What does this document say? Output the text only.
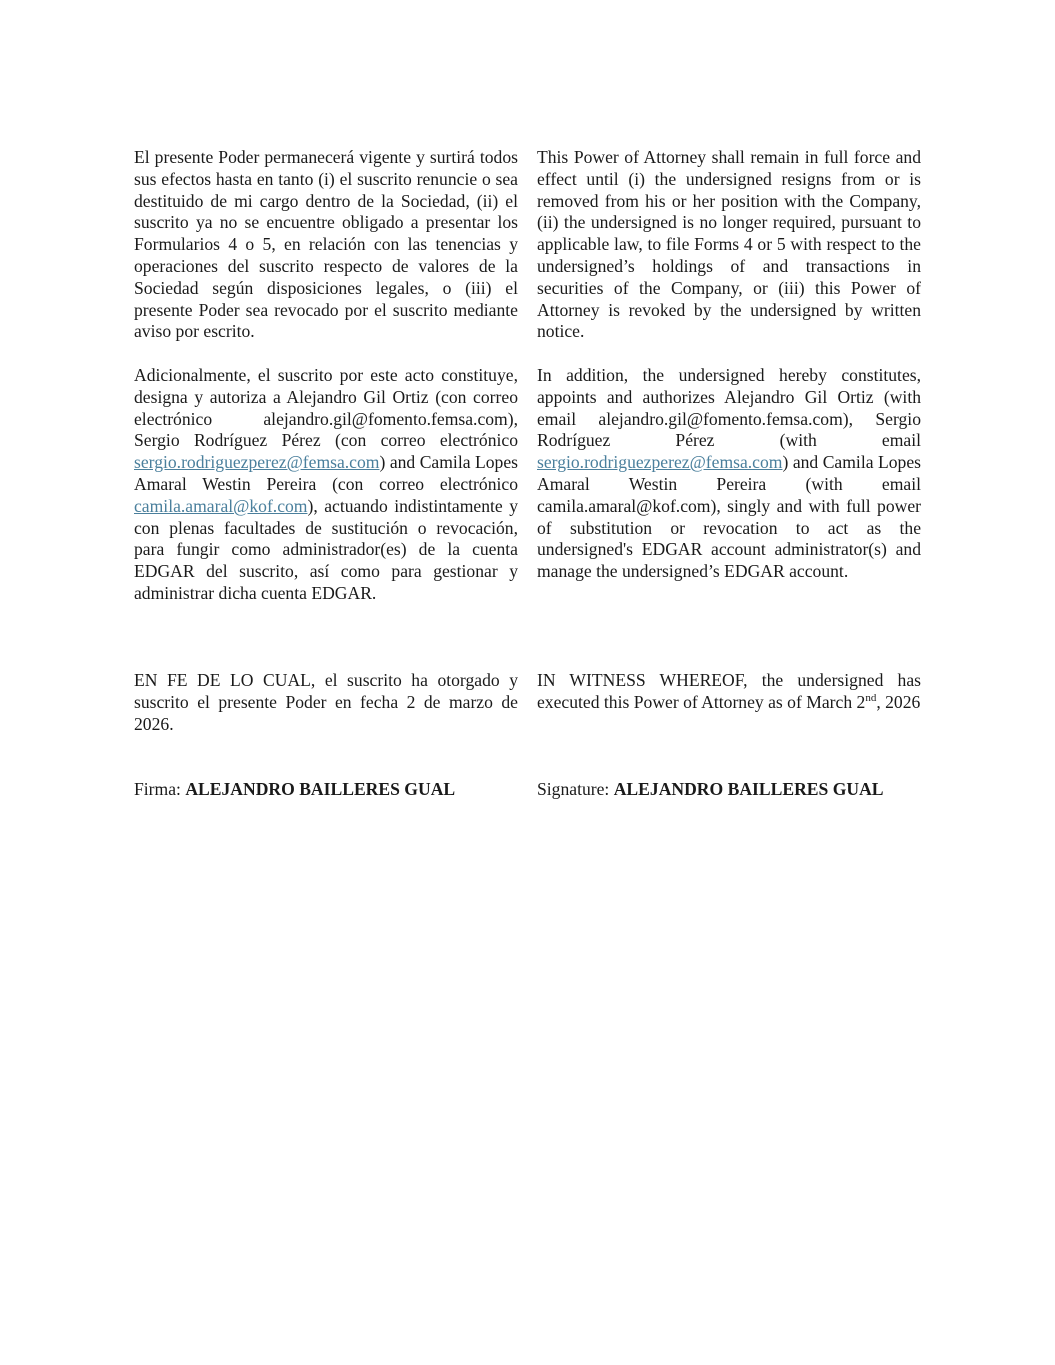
El presente Poder permanecerá vigente y surtirá todos sus efectos hasta en tanto (i) el suscrito renuncie o sea destituido de mi cargo dentro de la Sociedad, (ii) el suscrito ya no se encuentre obligado a presentar los Formularios 4 o 5, en relación con las tenencias y operaciones del suscrito respecto de valores de la Sociedad según disposiciones legales, o (iii) el presente Poder sea revocado por el suscrito mediante aviso por escrito.

Adicionalmente, el suscrito por este acto constituye, designa y autoriza a Alejandro Gil Ortiz (con correo electrónico alejandro.gil@fomento.femsa.com), Sergio Rodríguez Pérez (con correo electrónico sergio.rodriguezperez@femsa.com) and Camila Lopes Amaral Westin Pereira (con correo electrónico camila.amaral@kof.com), actuando indistintamente y con plenas facultades de sustitución o revocación, para fungir como administrador(es) de la cuenta EDGAR del suscrito, así como para gestionar y administrar dicha cuenta EDGAR.

EN FE DE LO CUAL, el suscrito ha otorgado y suscrito el presente Poder en fecha 2 de marzo de 2026.

Firma: ALEJANDRO BAILLERES GUAL

This Power of Attorney shall remain in full force and effect until (i) the undersigned resigns from or is removed from his or her position with the Company, (ii) the undersigned is no longer required, pursuant to applicable law, to file Forms 4 or 5 with respect to the undersigned’s holdings of and transactions in securities of the Company, or (iii) this Power of Attorney is revoked by the undersigned by written notice.

In addition, the undersigned hereby constitutes, appoints and authorizes Alejandro Gil Ortiz (with email alejandro.gil@fomento.femsa.com), Sergio Rodríguez Pérez (with email sergio.rodriguezperez@femsa.com) and Camila Lopes Amaral Westin Pereira (with email camila.amaral@kof.com), singly and with full power of substitution or revocation to act as the undersigned's EDGAR account administrator(s) and manage the undersigned’s EDGAR account.

IN WITNESS WHEREOF, the undersigned has executed this Power of Attorney as of March 2nd, 2026

Signature: ALEJANDRO BAILLERES GUAL
